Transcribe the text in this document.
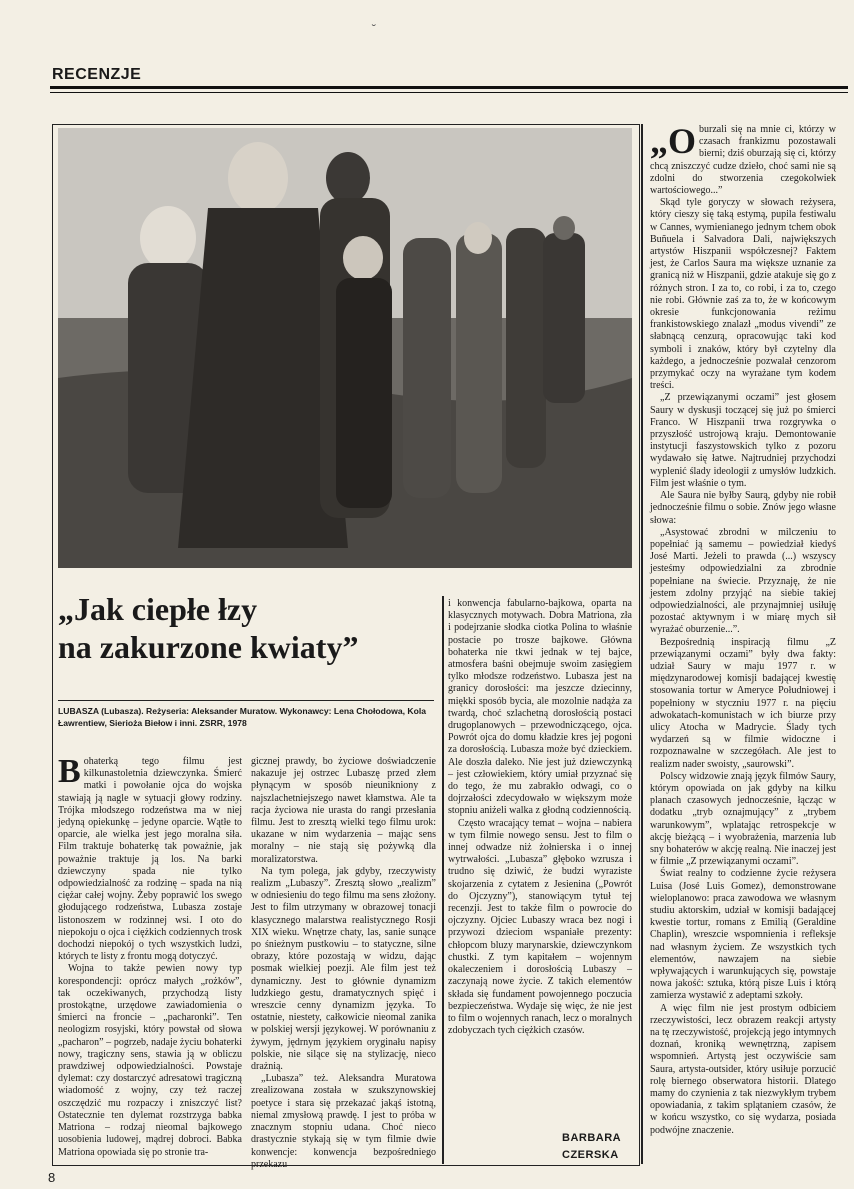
˘
RECENZJE
„Jak ciepłe łzy
na zakurzone kwiaty”
LUBASZA (Lubasza). Reżyseria: Aleksander Muratow. Wykonawcy: Lena Chołodowa, Kola Ławrentiew, Sierioża Biełow i inni. ZSRR, 1978

Bohaterką tego filmu jest kilkunastoletnia dziewczynka. Śmierć matki i powołanie ojca do wojska stawiają ją nagle w sytuacji głowy rodziny. Trójka młodszego rodzeństwa ma w niej jedyną opiekunkę – jedyne oparcie. Wątłe to oparcie, ale wielka jest jego moralna siła. Film traktuje bohaterkę tak poważnie, jak poważnie traktuje ją los. Na barki dziewczyny spada nie tylko odpowiedzialność za rodzinę – spada na nią ciężar całej wojny. Żeby poprawić los swego głodującego rodzeństwa, Lubasza zostaje listonoszem w rodzinnej wsi. I oto do niepokoju o ojca i ciężkich codziennych trosk dochodzi niepokój o tych wszystkich ludzi, których te listy z frontu mogą dotyczyć.

Wojna to także pewien nowy typ korespondencji: oprócz małych „rożków”, tak oczekiwanych, przychodzą listy prostokątne, urzędowe zawiadomienia o śmierci na froncie – „pacharonki”. Ten neologizm rosyjski, który powstał od słowa „pacharon” – pogrzeb, nadaje życiu bohaterki nowy, tragiczny sens, stawia ją w obliczu prawdziwej odpowiedzialności. Powstaje dylemat: czy dostarczyć adresatowi tragiczną wiadomość z wojny, czy też raczej oszczędzić mu rozpaczy i zniszczyć list? Ostatecznie ten dylemat rozstrzyga babka Matriona – rodzaj nieomal bajkowego uosobienia ludowej, mądrej dobroci. Babka Matriona opowiada się po stronie tra-

gicznej prawdy, bo życiowe doświadczenie nakazuje jej ostrzec Lubaszę przed złem płynącym w sposób nieunikniony z najszlachetniejszego nawet kłamstwa. Ale ta racja życiowa nie urasta do rangi przesłania filmu. Jest to zresztą wielki tego filmu urok: ukazane w nim wydarzenia – mając sens moralny – nie stają się pożywką dla moralizatorstwa.

Na tym polega, jak gdyby, rzeczywisty realizm „Lubaszy”. Zresztą słowo „realizm” w odniesieniu do tego filmu ma sens złożony. Jest to film utrzymany w obrazowej tonacji klasycznego malarstwa realistycznego Rosji XIX wieku. Wnętrze chaty, las, sanie sunące po śnieżnym pustkowiu – to statyczne, silne obrazy, które pozostają w widzu, dając posmak wielkiej poezji. Ale film jest też dynamiczny. Jest to głównie dynamizm ludzkiego gestu, dramatycznych spięć i wreszcie cenny dynamizm języka. To ostatnie, niestety, całkowicie nieomal zanika w polskiej wersji językowej. W porównaniu z żywym, jędrnym językiem oryginału napisy polskie, nie silące się na stylizację, nieco drażnią.

„Lubasza” też. Aleksandra Muratowa zrealizowana została w szukszynowskiej poetyce i stara się przekazać jakąś istotną, niemal zmysłową prawdę. I jest to próba w znacznym stopniu udana. Choć nieco drastycznie stykają się w tym filmie dwie konwencje: konwencja bezpośredniego przekazu

i konwencja fabularno-bajkowa, oparta na klasycznych motywach. Dobra Matriona, zła i podejrzanie słodka ciotka Polina to właśnie postacie po trosze bajkowe. Główna bohaterka nie tkwi jednak w tej bajce, atmosfera baśni obejmuje swoim zasięgiem tylko młodsze rodzeństwo. Lubasza jest na granicy dorosłości: ma jeszcze dziecinny, miękki sposób bycia, ale mozolnie nadąża za twardą, choć szlachetną dorosłością postaci drugoplanowych – przewodniczącego, ojca. Powrót ojca do domu kładzie kres jej pogoni za dorosłością. Lubasza może być dzieckiem. Ale doszła daleko. Nie jest już dziewczynką – jest człowiekiem, który umiał przyznać się do tego, że mu zabrakło odwagi, co o dojrzałości zdecydowało w większym może stopniu aniżeli walka z głodną codziennością.

Często wracający temat – wojna – nabiera w tym filmie nowego sensu. Jest to film o innej odwadze niż żołnierska i o innej wytrwałości. „Lubasza” głęboko wzrusza i trudno się dziwić, że budzi wyraziste skojarzenia z cytatem z Jesienina („Powrót do Ojczyzny”), stanowiącym tytuł tej recenzji. Jest to także film o powrocie do ojczyzny. Ojciec Lubaszy wraca bez nogi i przywozi dzieciom wspaniałe prezenty: chłopcom bluzy marynarskie, dziewczynkom chustki. Z tym kapitałem – wojennym okaleczeniem i dorosłością Lubaszy – zaczynają nowe życie. Z takich elementów składa się fundament powojennego poczucia bezpieczeństwa. Wydaje się więc, że nie jest to film o wojennych ranach, lecz o moralnych zdobyczach tych ciężkich czasów.

BARBARA
CZERSKA

„Oburzali się na mnie ci, którzy w czasach frankizmu pozostawali bierni; dziś oburzają się ci, którzy chcą zniszczyć cudze dzieło, choć sami nie są zdolni do stworzenia czegokolwiek wartościowego...”

Skąd tyle goryczy w słowach reżysera, który cieszy się taką estymą, pupila festiwalu w Cannes, wymienianego jednym tchem obok Buñuela i Salvadora Dali, największych artystów Hiszpanii współczesnej? Faktem jest, że Carlos Saura ma większe uznanie za granicą niż w Hiszpanii, gdzie atakuje się go z różnych stron. I za to, co robi, i za to, czego nie robi. Głównie zaś za to, że w końcowym okresie funkcjonowania reżimu frankistowskiego znalazł „modus vivendi” ze słabnącą cenzurą, opracowując taki kod symboli i znaków, który był czytelny dla każdego, a jednocześnie pozwalał cenzorom przymykać oczy na wyrażane tym kodem treści.

„Z przewiązanymi oczami” jest głosem Saury w dyskusji toczącej się już po śmierci Franco. W Hiszpanii trwa rozgrywka o przyszłość ustrojową kraju. Demontowanie instytucji faszystowskich tylko z pozoru wydawało się łatwe. Najtrudniej przychodzi wyplenić ślady ideologii z umysłów ludzkich. Film jest właśnie o tym.

Ale Saura nie byłby Saurą, gdyby nie robił jednocześnie filmu o sobie. Znów jego własne słowa:

„Asystować zbrodni w milczeniu to popełniać ją samemu – powiedział kiedyś José Marti. Jeżeli to prawda (...) wszyscy jesteśmy odpowiedzialni za zbrodnie popełniane na świecie. Przyznaję, że nie jestem zdolny przyjąć na siebie takiej odpowiedzialności, ale przynajmniej usiłuję pozostać aktywnym i w miarę mych sił wyrażać oburzenie...”.

Bezpośrednią inspiracją filmu „Z przewiązanymi oczami” były dwa fakty: udział Saury w maju 1977 r. w międzynarodowej komisji badającej kwestię stosowania tortur w Ameryce Południowej i popełniony w styczniu 1977 r. na pięciu adwokatach-komunistach w ich biurze przy ulicy Atocha w Madrycie. Ślady tych wydarzeń są w filmie widoczne i rozpoznawalne w szczegółach. Ale jest to realizm nader swoisty, „saurowski”.

Polscy widzowie znają język filmów Saury, którym opowiada on jak gdyby na kilku planach czasowych jednocześnie, łącząc w dodatku „tryb oznajmujący” z „trybem warunkowym”, wplatając retrospekcje w akcję bieżącą – i wyobrażenia, marzenia lub sny bohaterów w akcję realną. Nie inaczej jest w filmie „Z przewiązanymi oczami”.

Świat realny to codzienne życie reżysera Luisa (José Luis Gomez), demonstrowane wieloplanowo: praca zawodowa we własnym studiu aktorskim, udział w komisji badającej kwestie tortur, romans z Emilią (Geraldine Chaplin), wreszcie wspomnienia i refleksje nad własnym życiem. Ze wszystkich tych elementów, nawzajem na siebie wpływających i warunkujących się, powstaje nowa jakość: sztuka, którą pisze Luis i którą zamierza wystawić z adeptami szkoły.

A więc film nie jest prostym odbiciem rzeczywistości, lecz obrazem reakcji artysty na tę rzeczywistość, projekcją jego intymnych doznań, kroniką wewnętrzną, zapisem wspomnień. Artystą jest oczywiście sam Saura, artysta-outsider, który usiłuje porzucić rolę biernego obserwatora historii. Dlatego mamy do czynienia z tak niezwykłym trybem opowiadania, z takim splątaniem czasów, że w końcu wszystko, co się wydarza, posiada podwójne znaczenie.

8
